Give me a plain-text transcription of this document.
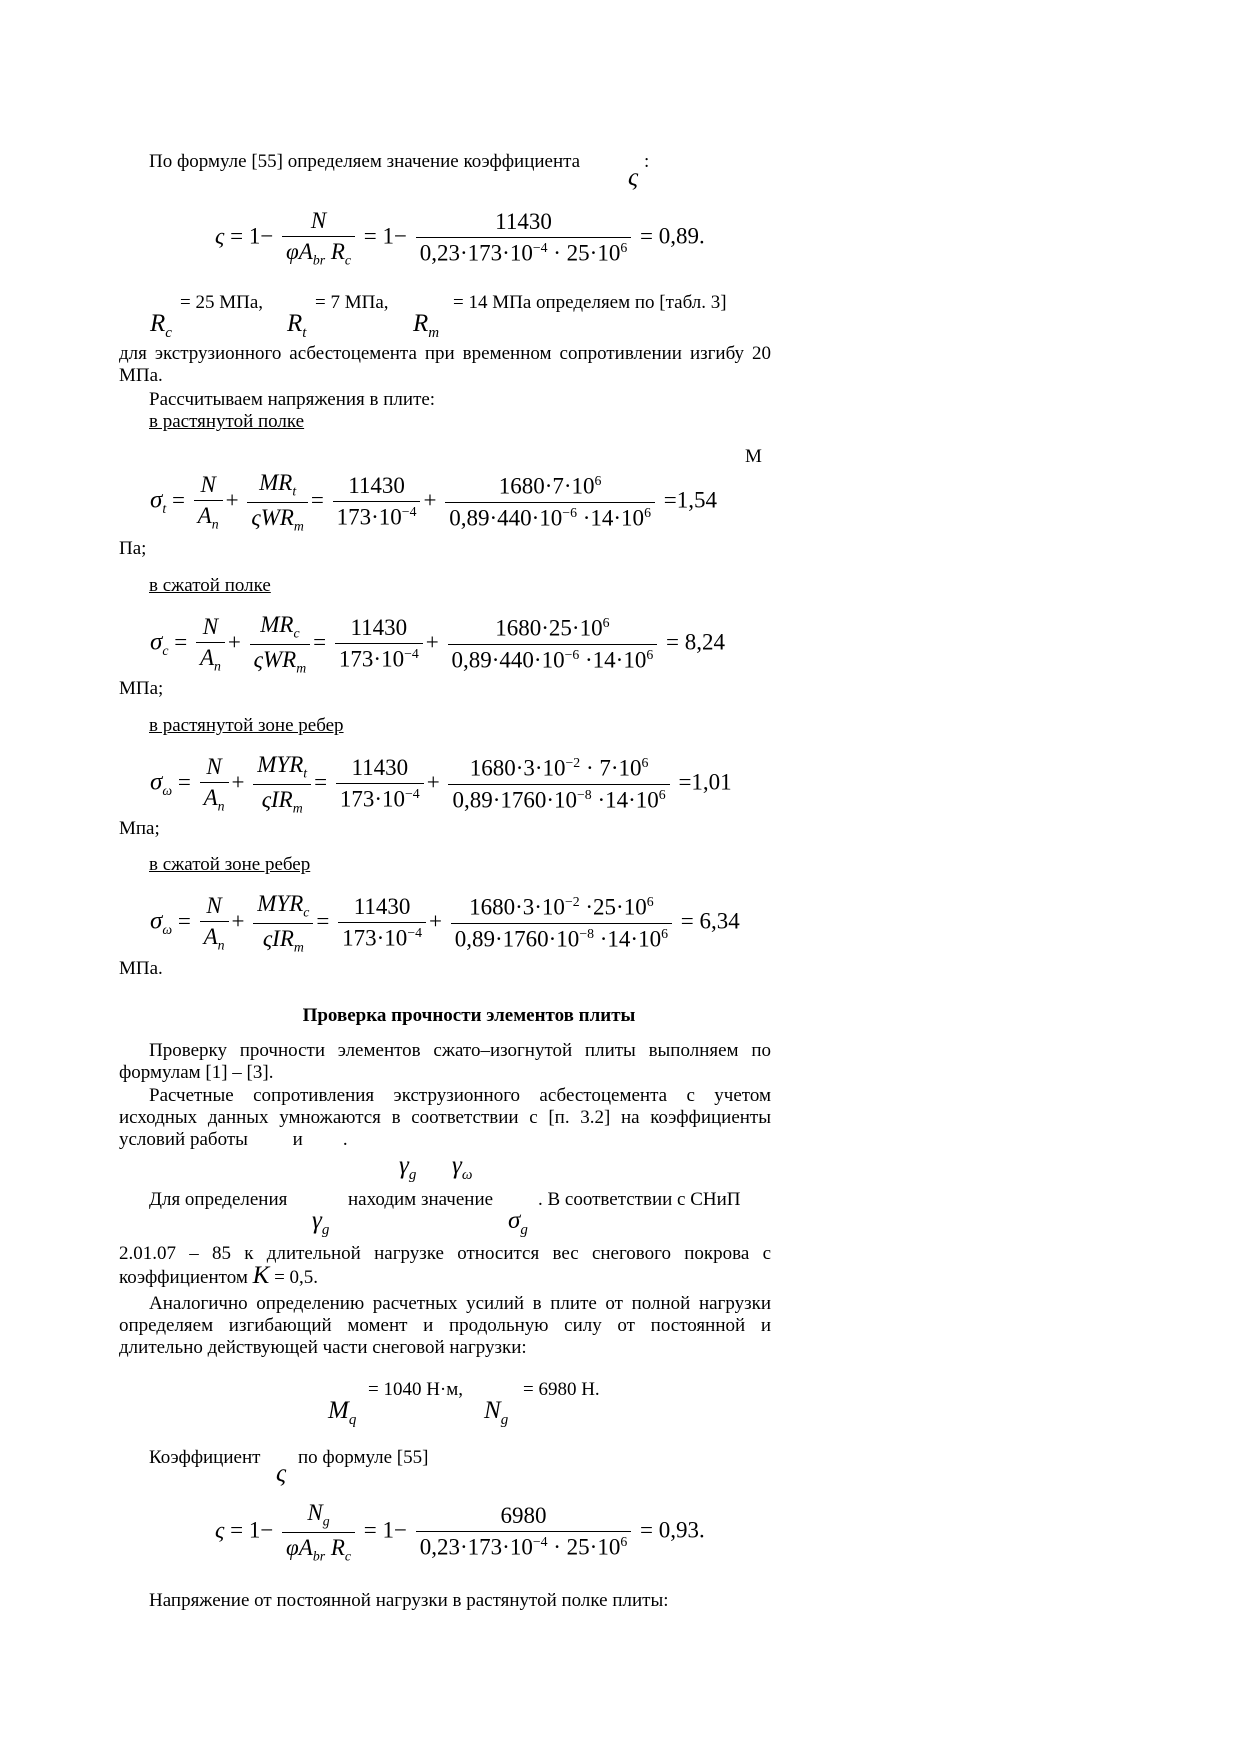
По формуле [55] определяем значение коэффициента
ς
:
$\varsigma = 1- \frac{N}{\varphi A_{br} R_c} = 1- \frac{11430}{0,23\cdot 173\cdot 10^{-4} \cdot 25\cdot 10^6} = 0,89$.
= 25 МПа,	= 7 МПа,	= 14 МПа определяем по [табл. 3]
$R_c$	$R_t$	$R_m$
для экструзионного асбестоцемента при временном сопротивлении изгибу 20 МПа.
Рассчитываем напряжения в плите:
в растянутой полке
М
$\sigma_t = \frac{N}{A_n} + \frac{MR_t}{\varsigma WR_m} = \frac{11430}{173\cdot 10^{-4}} + \frac{1680\cdot 7\cdot 10^6}{0,89\cdot 440\cdot 10^{-6} \cdot 14\cdot 10^6} =1,54$
Па;
в сжатой полке
$\sigma_c = \frac{N}{A_n} + \frac{MR_c}{\varsigma WR_m} = \frac{11430}{173\cdot 10^{-4}} + \frac{1680\cdot 25\cdot 10^6}{0,89\cdot 440\cdot 10^{-6} \cdot 14\cdot 10^6} = 8,24$
МПа;
в растянутой зоне ребер
$\sigma_\omega = \frac{N}{A_n} + \frac{MYR_t}{\varsigma IR_m} = \frac{11430}{173\cdot 10^{-4}} + \frac{1680\cdot 3\cdot 10^{-2} \cdot 7\cdot 10^6}{0,89\cdot 1760\cdot 10^{-8} \cdot 14\cdot 10^6} =1,01$
Мпа;
в сжатой зоне ребер
$\sigma_\omega = \frac{N}{A_n} + \frac{MYR_c}{\varsigma IR_m} = \frac{11430}{173\cdot 10^{-4}} + \frac{1680\cdot 3\cdot 10^{-2} \cdot 25\cdot 10^6}{0,89\cdot 1760\cdot 10^{-8} \cdot 14\cdot 10^6} = 6,34$
МПа.
Проверка прочности элементов плиты
Проверку прочности элементов сжато–изогнутой плиты выполняем по формулам [1] – [3].
Расчетные сопротивления экструзионного асбестоцемента с учетом исходных данных умножаются в соответствии с [п. 3.2] на коэффициенты условий работы и .
$\gamma_g$ $\gamma_\omega$
Для определения	находим значение . В соответствии с СНиП
$\gamma_g$	$\sigma_g$
2.01.07 – 85 к длительной нагрузке относится вес снегового покрова с коэффициентом K = 0,5.
Аналогично определению расчетных усилий в плите от полной нагрузки определяем изгибающий момент и продольную силу от постоянной и длительно действующей части снеговой нагрузки:
= 1040 Н·м,	= 6980 Н.
$M_q$	$N_g$
Коэффициент
ς
по формуле [55]
$\varsigma = 1- \frac{N_g}{\varphi A_{br} R_c} = 1- \frac{6980}{0,23\cdot 173\cdot 10^{-4} \cdot 25\cdot 10^6} = 0,93$.
Напряжение от постоянной нагрузки в растянутой полке плиты:
